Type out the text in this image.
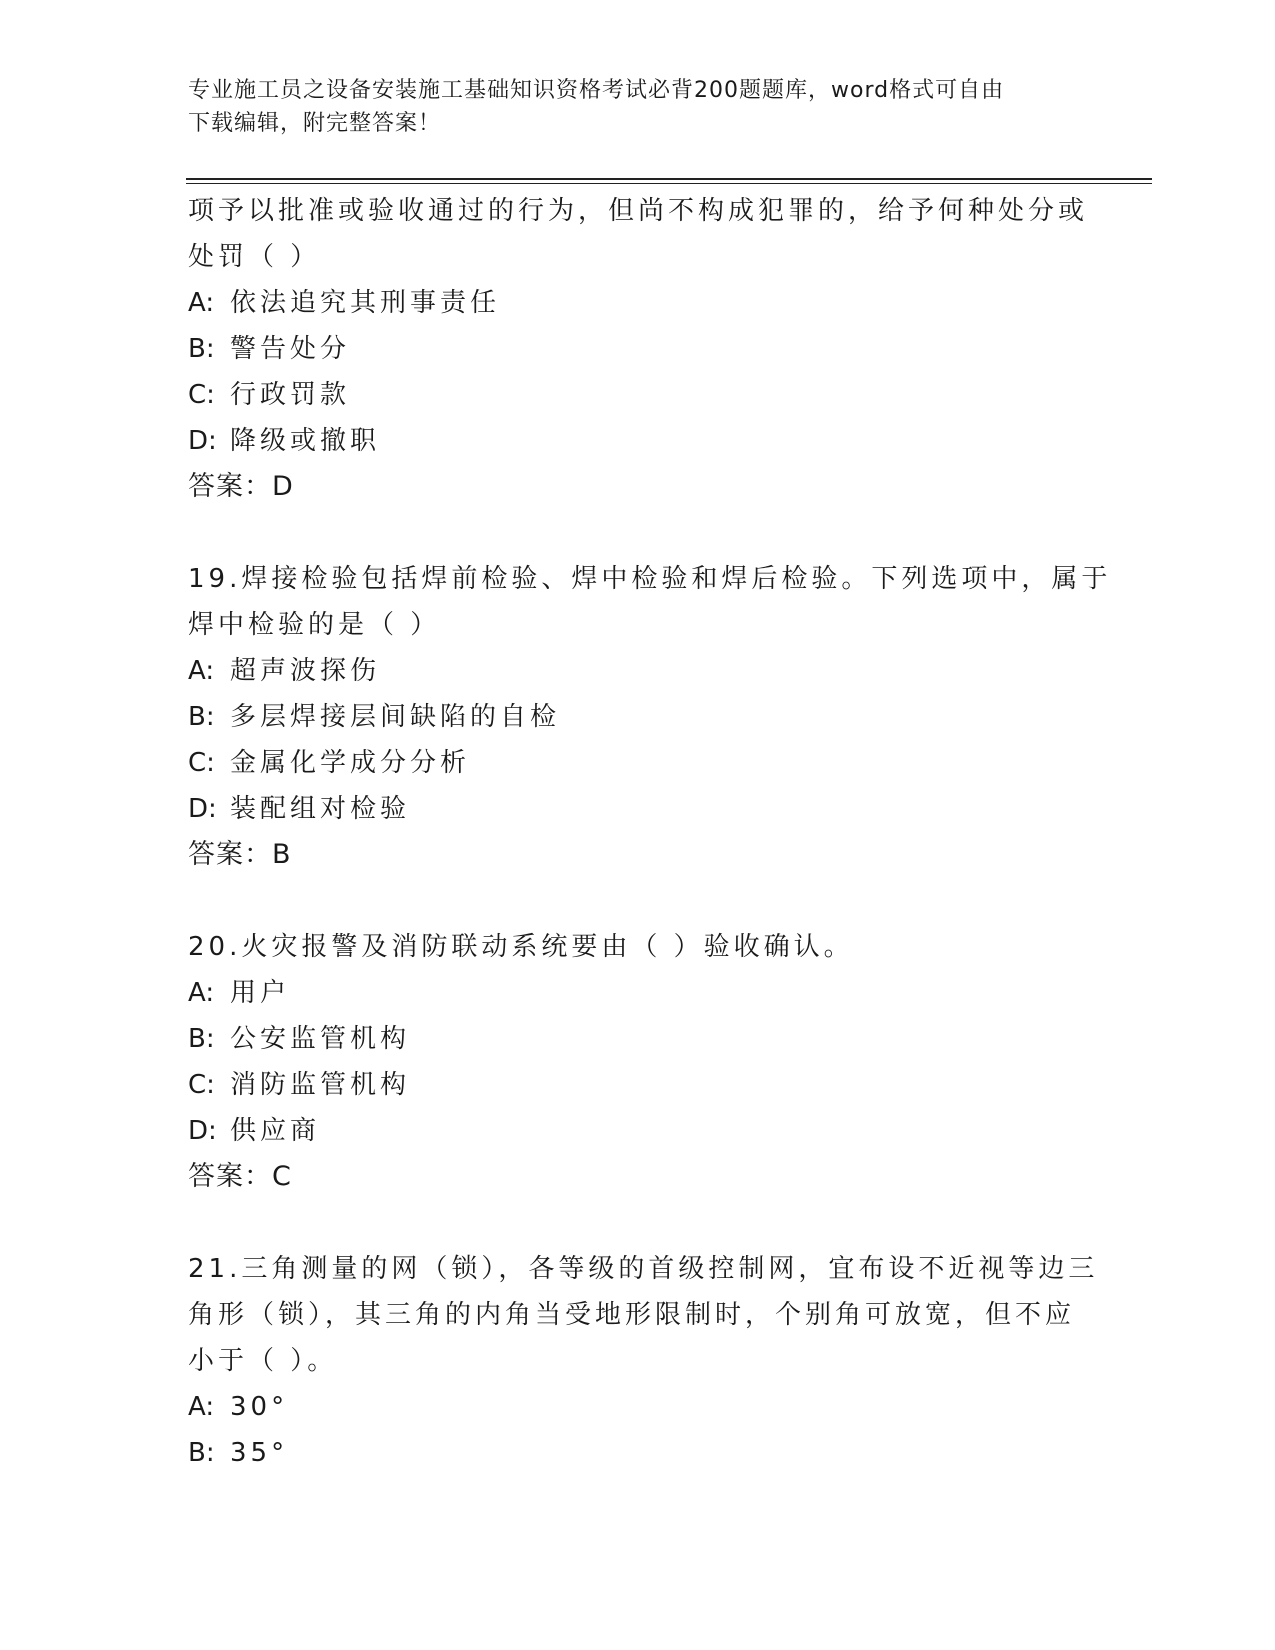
专业施工员之设备安装施工基础知识资格考试必背200题题库，word格式可自由
下载编辑，附完整答案！
项予以批准或验收通过的行为，但尚不构成犯罪的，给予何种处分或
处罚（ ）
A: 依法追究其刑事责任
B: 警告处分
C: 行政罚款
D: 降级或撤职
答案：D
19.焊接检验包括焊前检验、焊中检验和焊后检验。下列选项中，属于
焊中检验的是（ ）
A: 超声波探伤
B: 多层焊接层间缺陷的自检
C: 金属化学成分分析
D: 装配组对检验
答案：B
20.火灾报警及消防联动系统要由（ ）验收确认。
A: 用户
B: 公安监管机构
C: 消防监管机构
D: 供应商
答案：C
21.三角测量的网（锁），各等级的首级控制网，宜布设不近视等边三
角形（锁），其三角的内角当受地形限制时，个别角可放宽，但不应
小于（ ）。
A: 30°
B: 35°
